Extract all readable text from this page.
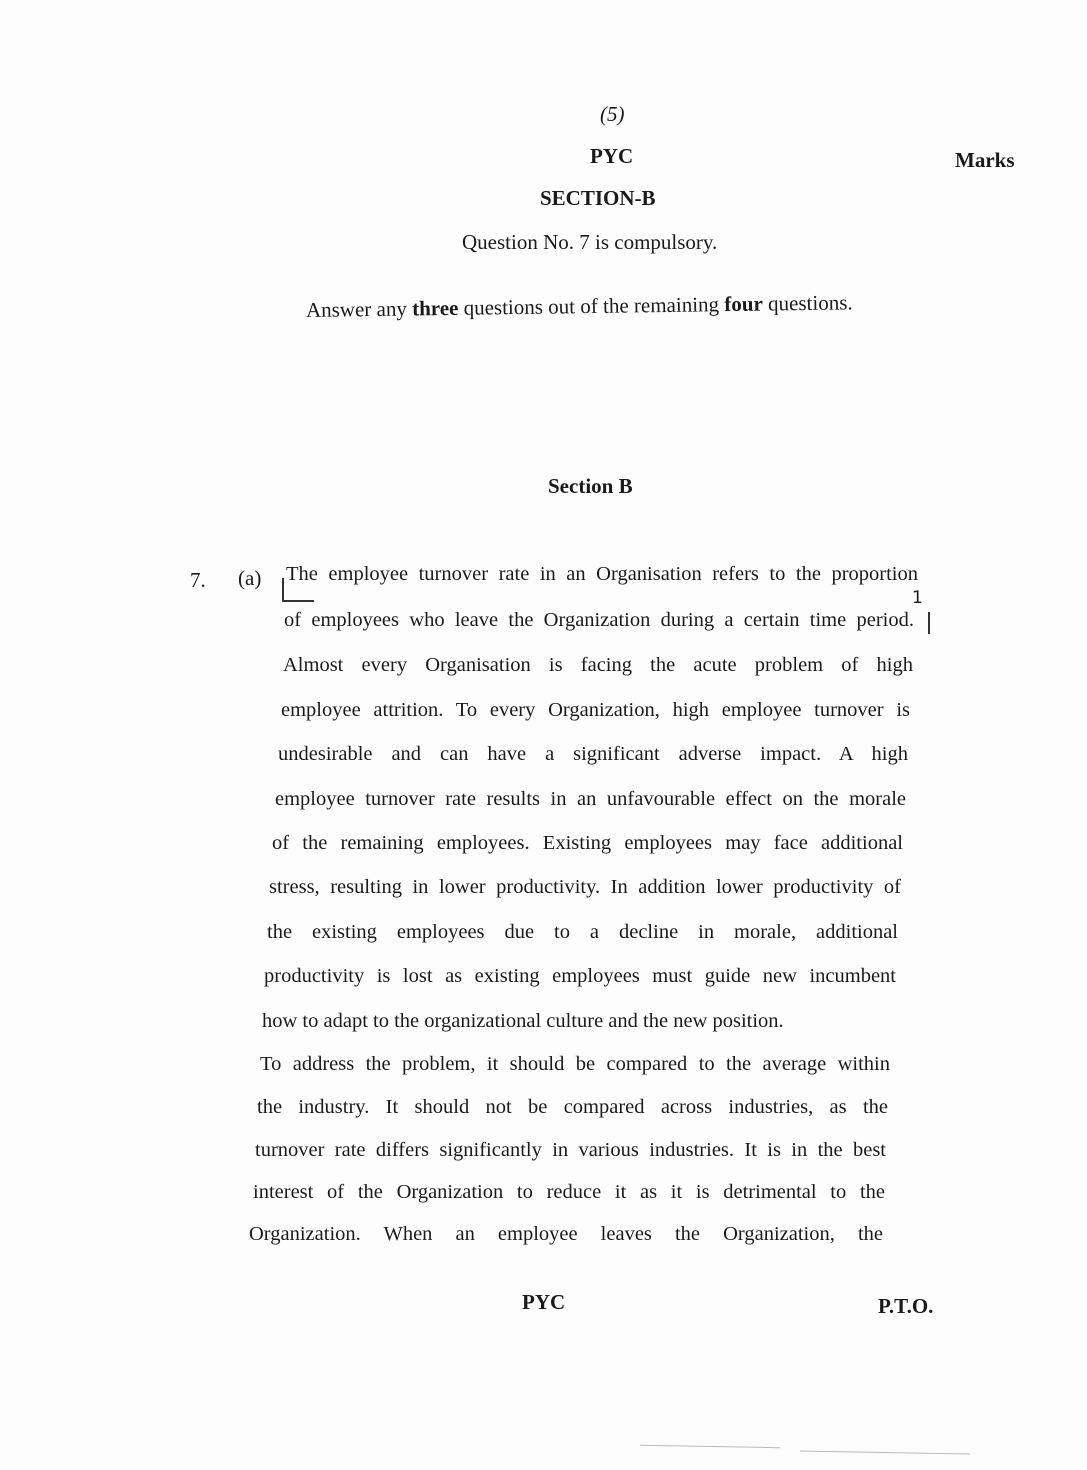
(5)
PYC	Marks
SECTION-B
Question No. 7 is compulsory.
Answer any three questions out of the remaining four questions.
Section B
7. (a)
1
The employee turnover rate in an Organisation refers to the proportion
of employees who leave the Organization during a certain time period.
Almost every Organisation is facing the acute problem of high
employee attrition. To every Organization, high employee turnover is
undesirable and can have a significant adverse impact. A high
employee turnover rate results in an unfavourable effect on the morale
of the remaining employees. Existing employees may face additional
stress, resulting in lower productivity. In addition lower productivity of
the existing employees due to a decline in morale, additional
productivity is lost as existing employees must guide new incumbent
how to adapt to the organizational culture and the new position.
To address the problem, it should be compared to the average within
the industry. It should not be compared across industries, as the
turnover rate differs significantly in various industries. It is in the best
interest of the Organization to reduce it as it is detrimental to the
Organization. When an employee leaves the Organization, the
PYC	P.T.O.
